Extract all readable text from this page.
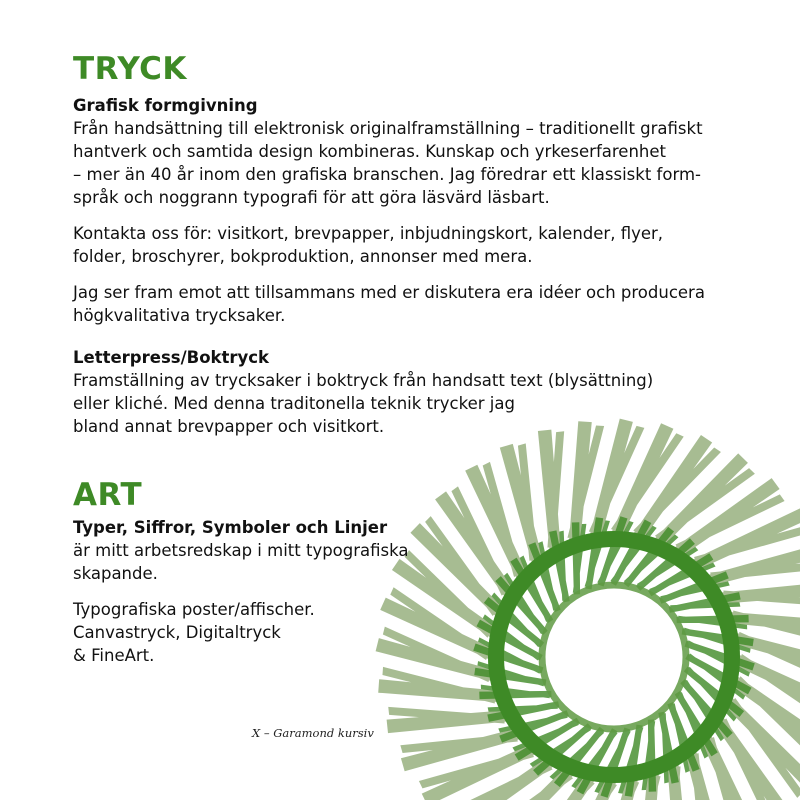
TRYCK
Grafisk formgivning

Från handsättning till elektronisk originalframställning – traditionellt grafiskt
hantverk och samtida design kombineras. Kunskap och yrkeserfarenhet
– mer än 40 år inom den grafiska branschen. Jag föredrar ett klassiskt form-
språk och noggrann typografi för att göra läsvärd läsbart.

Kontakta oss för: visitkort, brevpapper, inbjudningskort, kalender, flyer,
folder, broschyrer, bokproduktion, annonser med mera.

Jag ser fram emot att tillsammans med er diskutera era idéer och producera
högkvalitativa trycksaker.

Letterpress/Boktryck

Framställning av trycksaker i boktryck från handsatt text (blysättning)
eller kliché. Med denna traditonella teknik trycker jag
bland annat brevpapper och visitkort.

ART
Typer, Siffror, Symboler och Linjer

är mitt arbetsredskap i mitt typografiska
skapande.

Typografiska poster/affischer.
Canvastryck, Digitaltryck
& FineArt.

X – Garamond kursiv
